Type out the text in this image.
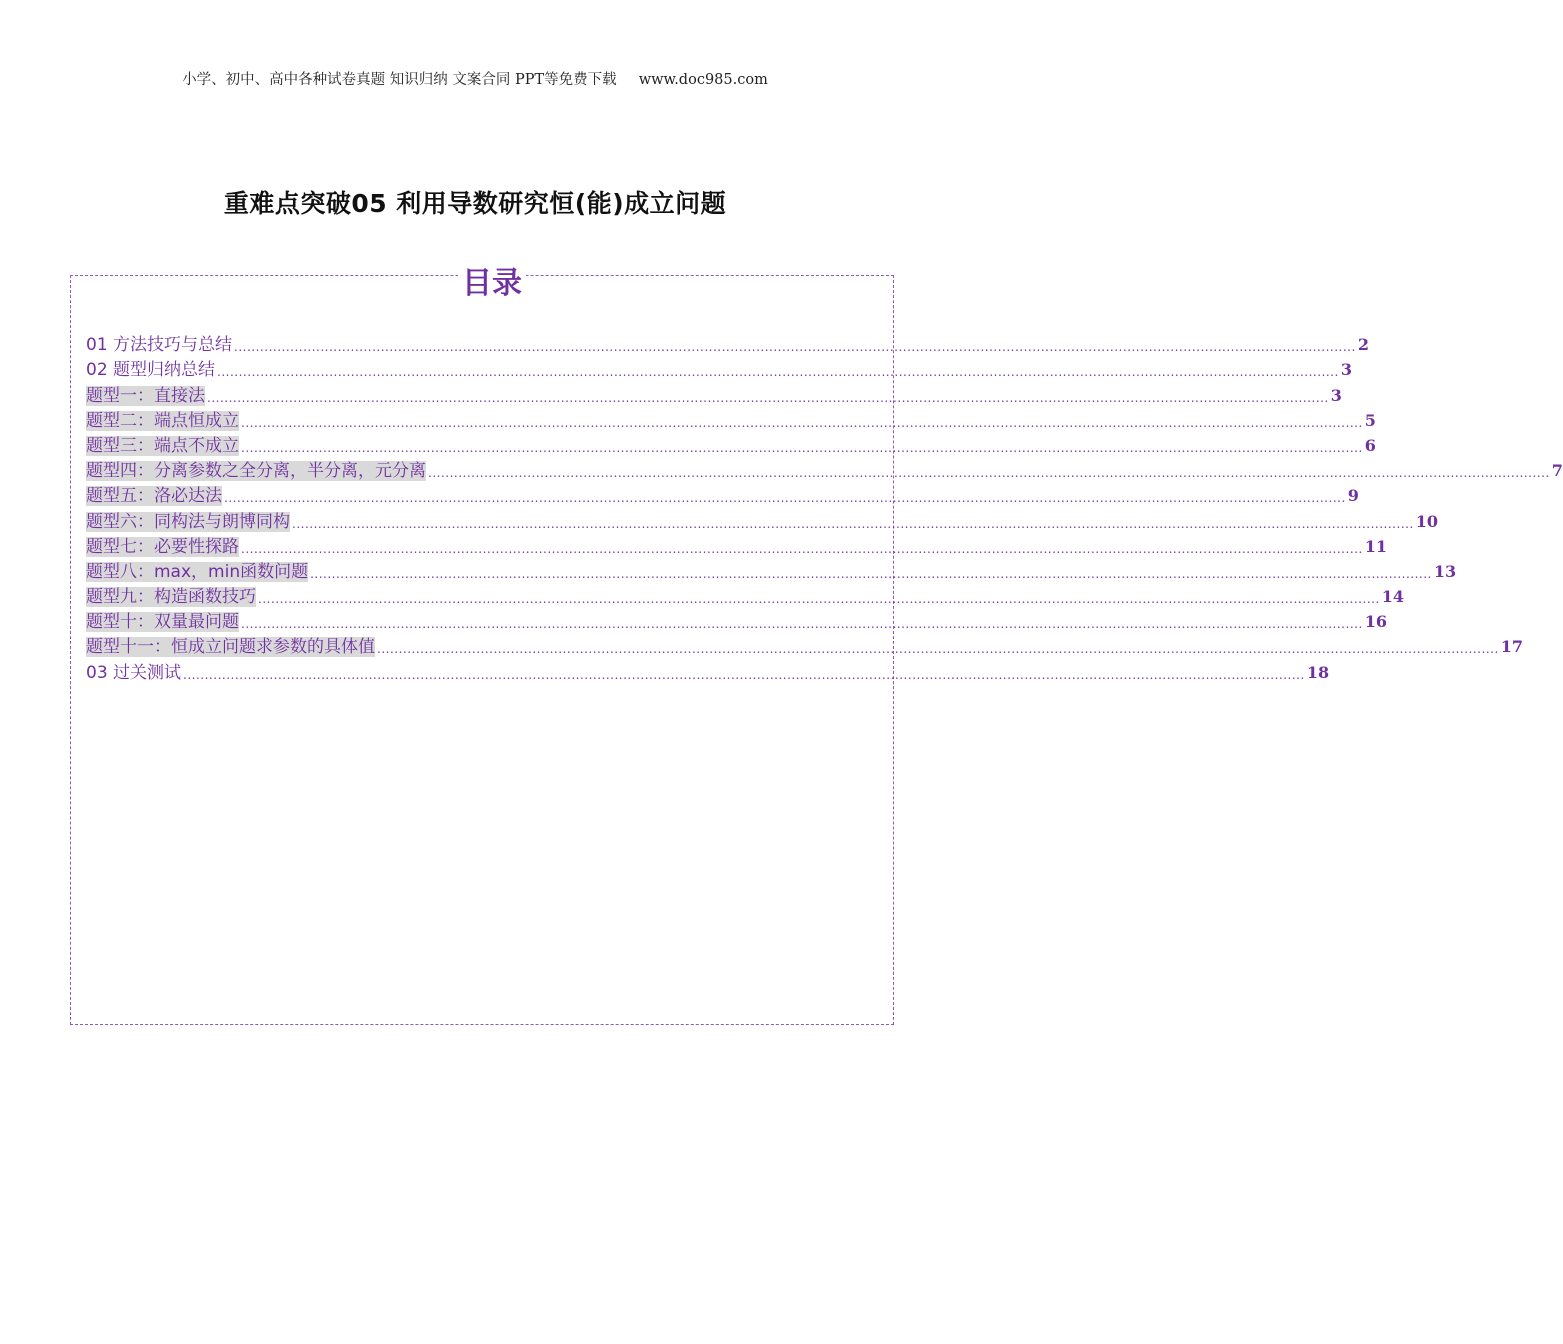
小学、初中、高中各种试卷真题 知识归纳 文案合同 PPT等免费下载 www.doc985.com
重难点突破05 利用导数研究恒(能)成立问题
目录
01 方法技巧与总结 .................................................................................................................................................................................................................................................................... 2
02 题型归纳总结 .................................................................................................................................................................................................................................................................... 3
题型一：直接法 .................................................................................................................................................................................................................................................................... 3
题型二：端点恒成立 .................................................................................................................................................................................................................................................................... 5
题型三：端点不成立 .................................................................................................................................................................................................................................................................... 6
题型四：分离参数之全分离，半分离，元分离 .................................................................................................................................................................................................................................................................... 7
题型五：洛必达法 .................................................................................................................................................................................................................................................................... 9
题型六：同构法与朗博同构 .................................................................................................................................................................................................................................................................... 10
题型七：必要性探路 .................................................................................................................................................................................................................................................................... 11
题型八：max，min函数问题 .................................................................................................................................................................................................................................................................... 13
题型九：构造函数技巧 .................................................................................................................................................................................................................................................................... 14
题型十：双量最问题 .................................................................................................................................................................................................................................................................... 16
题型十一：恒成立问题求参数的具体值 .................................................................................................................................................................................................................................................................... 17
03 过关测试 .................................................................................................................................................................................................................................................................... 18
